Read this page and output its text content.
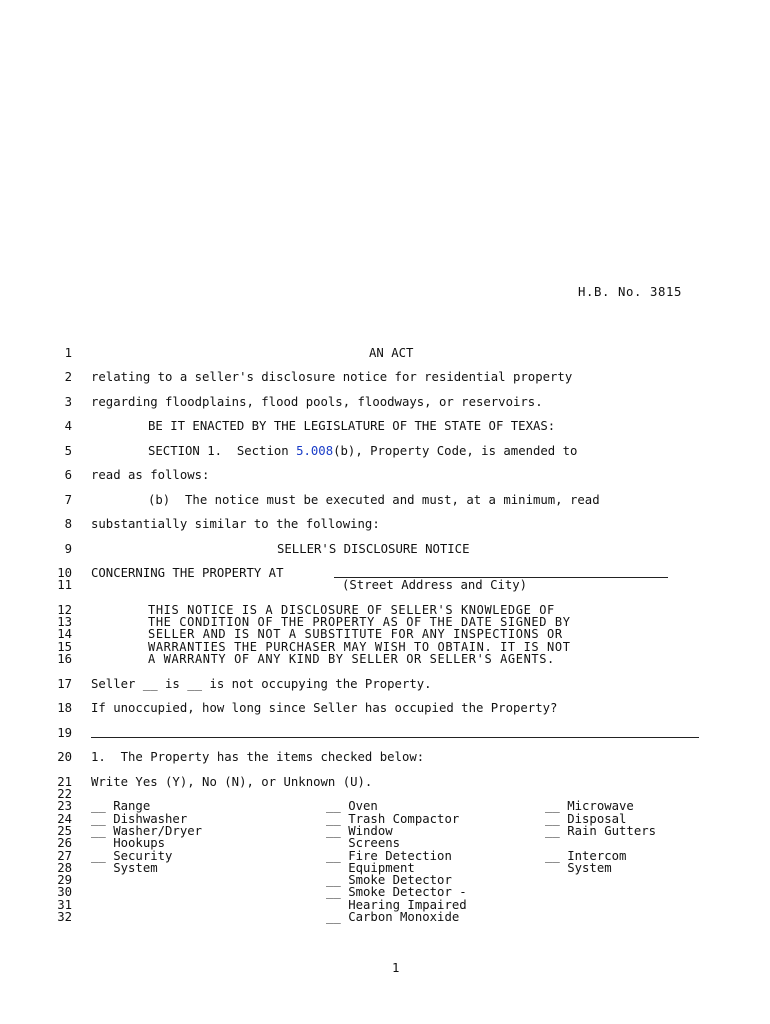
H.B. No. 3815
1
2
3
4
5
6
7
8
9
10
11
12
13
14
15
16
17
18
19
20
21
22
23
24
25
26
27
28
29
30
31
32
AN ACT
relating to a seller's disclosure notice for residential property
regarding floodplains, flood pools, floodways, or reservoirs.
BE IT ENACTED BY THE LEGISLATURE OF THE STATE OF TEXAS:
SECTION 1.  Section 5.008(b), Property Code, is amended to
read as follows:
(b)  The notice must be executed and must, at a minimum, read
substantially similar to the following:
SELLER'S DISCLOSURE NOTICE
CONCERNING THE PROPERTY AT
(Street Address and City)
THIS NOTICE IS A DISCLOSURE OF SELLER'S KNOWLEDGE OF
THE CONDITION OF THE PROPERTY AS OF THE DATE SIGNED BY
SELLER AND IS NOT A SUBSTITUTE FOR ANY INSPECTIONS OR
WARRANTIES THE PURCHASER MAY WISH TO OBTAIN. IT IS NOT
A WARRANTY OF ANY KIND BY SELLER OR SELLER'S AGENTS.
Seller __ is __ is not occupying the Property.
If unoccupied, how long since Seller has occupied the Property?
1.  The Property has the items checked below:
Write Yes (Y), No (N), or Unknown (U).
__ Range
__ Dishwasher
__ Washer/Dryer
Hookups
__ Security
System
__ Oven
__ Trash Compactor
__ Window
Screens
__ Fire Detection
Equipment
__ Smoke Detector
__ Smoke Detector -
Hearing Impaired
__ Carbon Monoxide
__ Microwave
__ Disposal
__ Rain Gutters
__ Intercom
System
1
